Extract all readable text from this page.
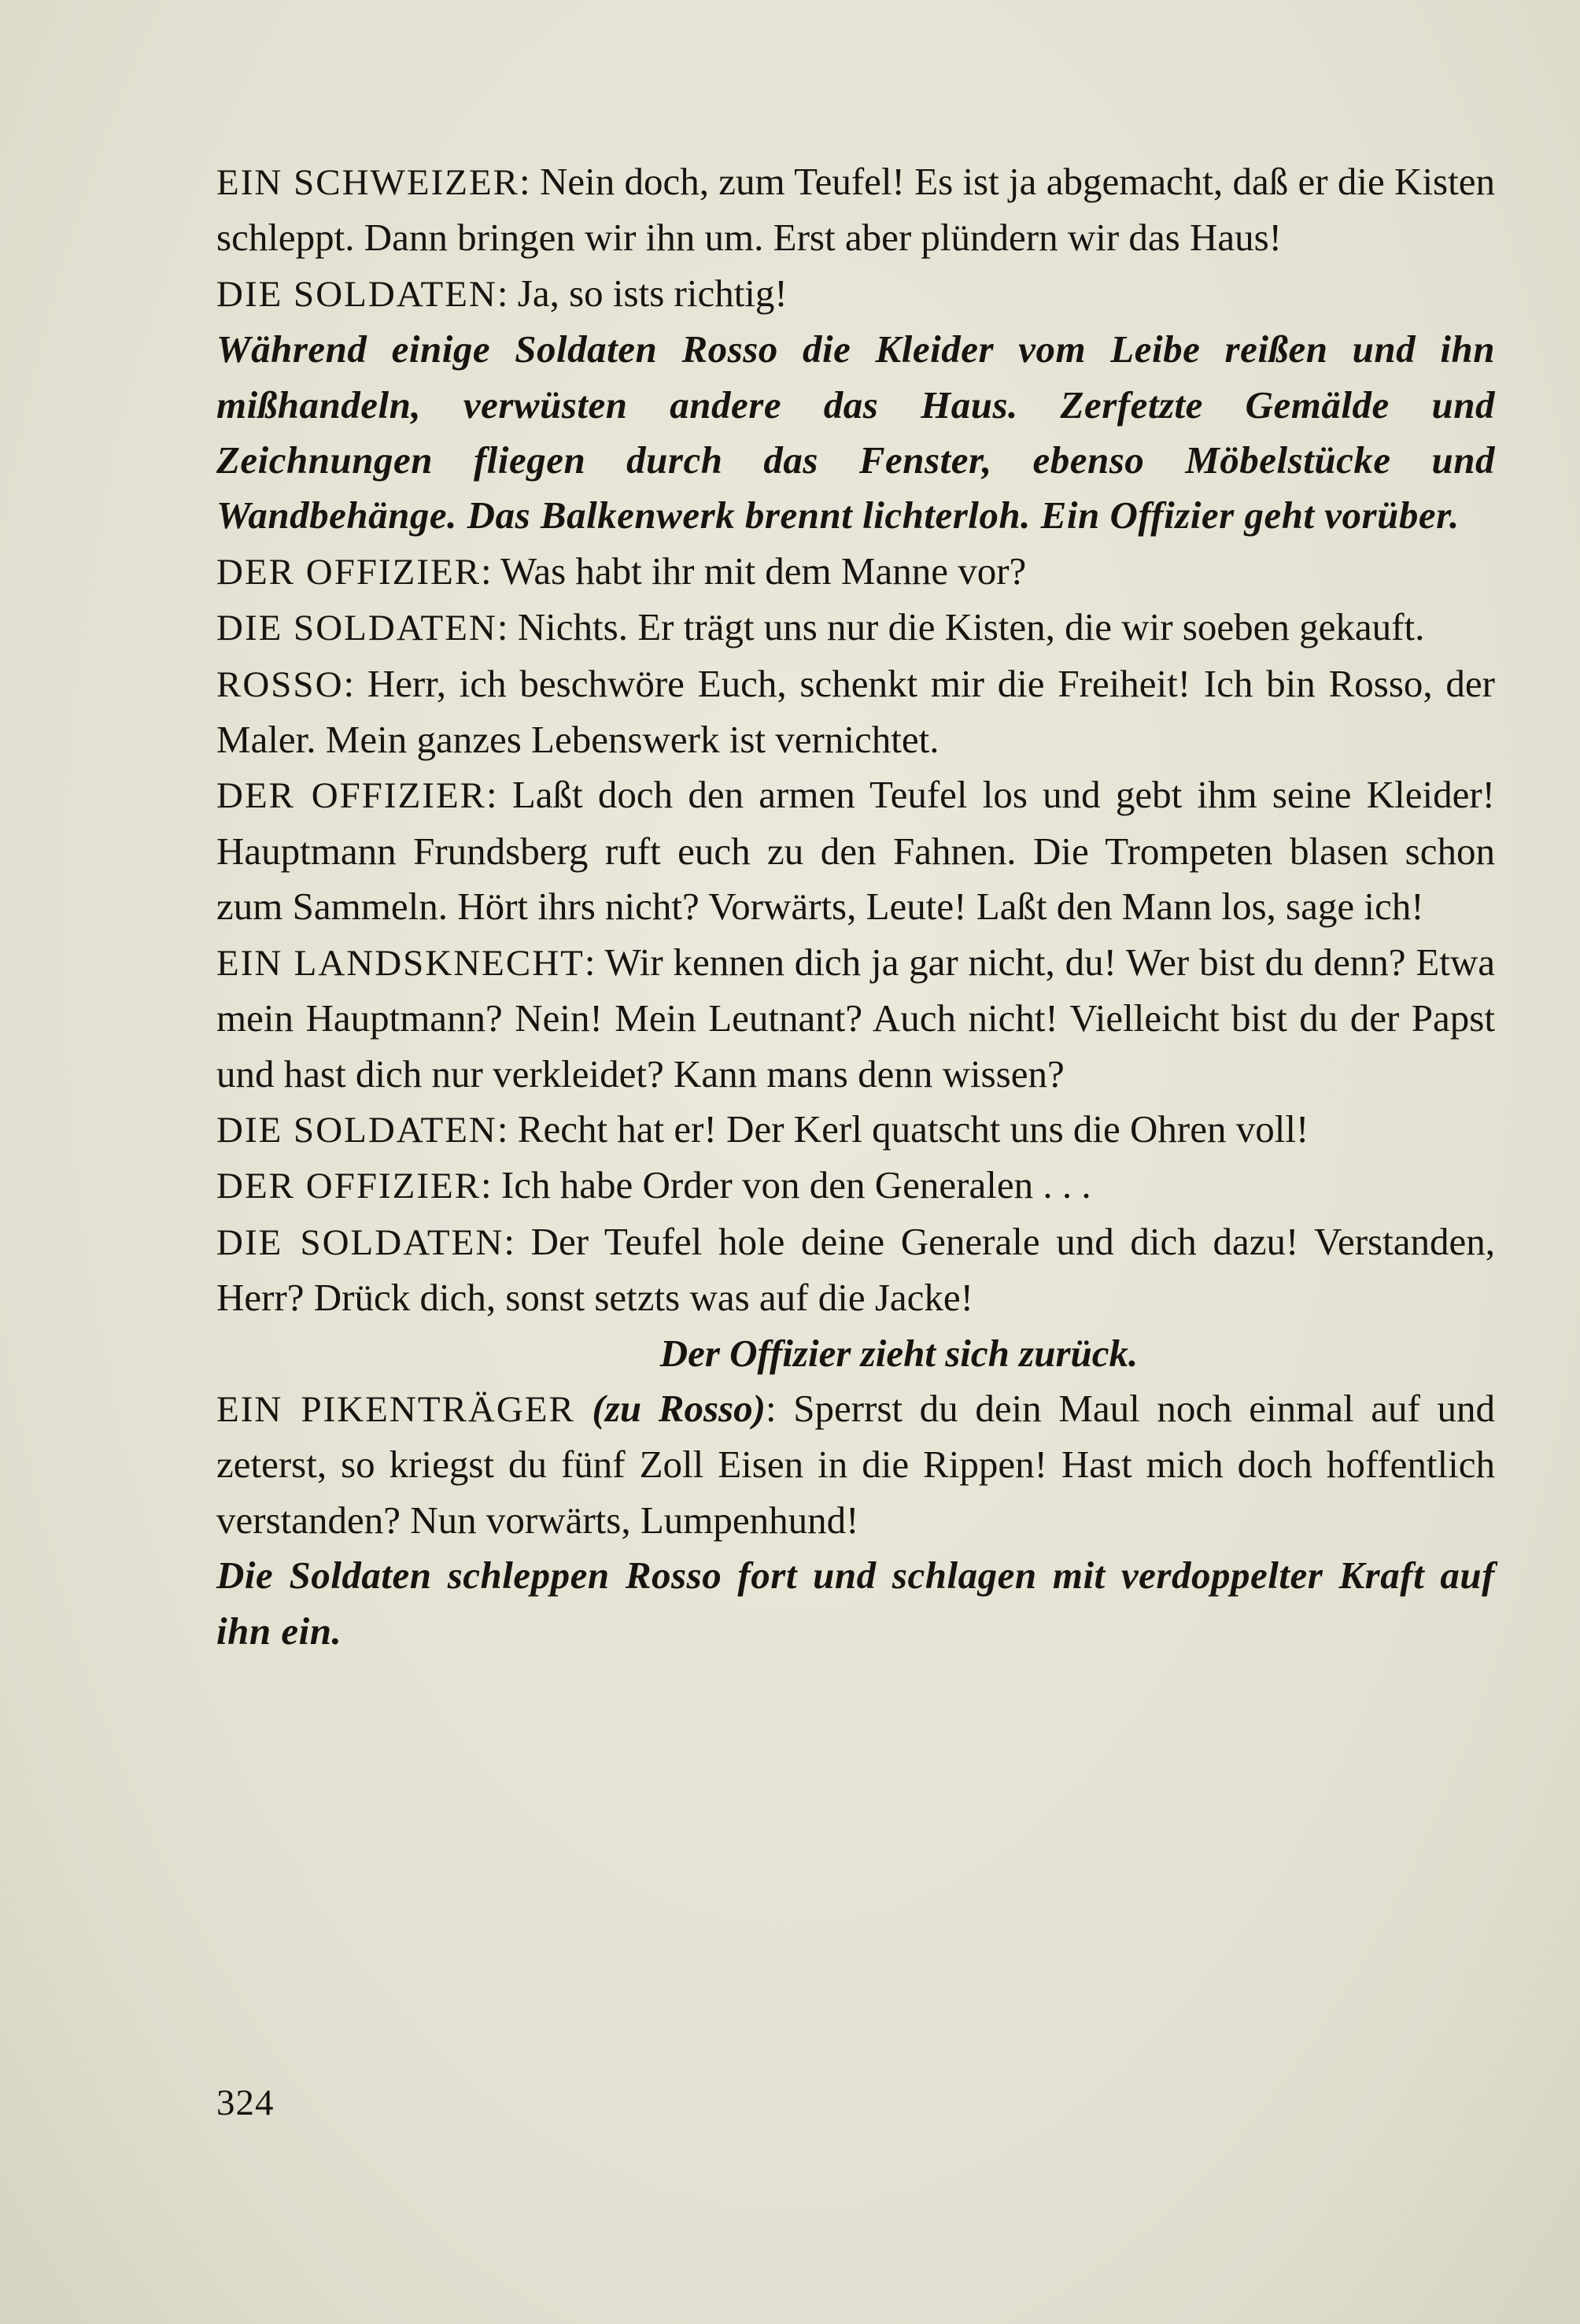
EIN SCHWEIZER: Nein doch, zum Teufel! Es ist ja abgemacht, daß er die Kisten schleppt. Dann bringen wir ihn um. Erst aber plündern wir das Haus!

DIE SOLDATEN: Ja, so ists richtig!

Während einige Soldaten Rosso die Kleider vom Leibe reißen und ihn mißhandeln, verwüsten andere das Haus. Zerfetzte Gemälde und Zeichnungen fliegen durch das Fenster, ebenso Möbelstücke und Wandbehänge. Das Balkenwerk brennt lichterloh. Ein Offizier geht vorüber.

DER OFFIZIER: Was habt ihr mit dem Manne vor?

DIE SOLDATEN: Nichts. Er trägt uns nur die Kisten, die wir soeben gekauft.

ROSSO: Herr, ich beschwöre Euch, schenkt mir die Freiheit! Ich bin Rosso, der Maler. Mein ganzes Lebenswerk ist vernichtet.

DER OFFIZIER: Laßt doch den armen Teufel los und gebt ihm seine Kleider! Hauptmann Frundsberg ruft euch zu den Fahnen. Die Trompeten blasen schon zum Sammeln. Hört ihrs nicht? Vorwärts, Leute! Laßt den Mann los, sage ich!

EIN LANDSKNECHT: Wir kennen dich ja gar nicht, du! Wer bist du denn? Etwa mein Hauptmann? Nein! Mein Leutnant? Auch nicht! Vielleicht bist du der Papst und hast dich nur verkleidet? Kann mans denn wissen?

DIE SOLDATEN: Recht hat er! Der Kerl quatscht uns die Ohren voll!

DER OFFIZIER: Ich habe Order von den Generalen . . .

DIE SOLDATEN: Der Teufel hole deine Generale und dich dazu! Verstanden, Herr? Drück dich, sonst setzts was auf die Jacke!

Der Offizier zieht sich zurück.

EIN PIKENTRÄGER (zu Rosso): Sperrst du dein Maul noch einmal auf und zeterst, so kriegst du fünf Zoll Eisen in die Rippen! Hast mich doch hoffentlich verstanden? Nun vorwärts, Lumpenhund!

Die Soldaten schleppen Rosso fort und schlagen mit verdoppelter Kraft auf ihn ein.

324
